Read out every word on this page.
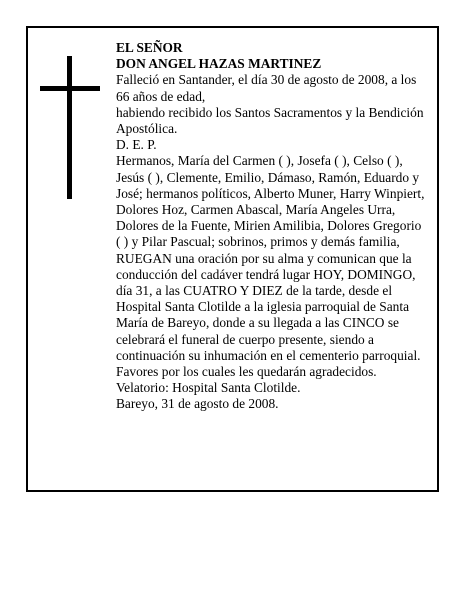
EL SEÑOR
DON ANGEL HAZAS MARTINEZ
Falleció en Santander, el día 30 de agosto de 2008, a los 66 años de edad,
habiendo recibido los Santos Sacramentos y la Bendición Apostólica.
D. E. P.
Hermanos, María del Carmen ( ), Josefa ( ), Celso ( ), Jesús ( ), Clemente, Emilio, Dámaso, Ramón, Eduardo y José; hermanos políticos, Alberto Muner, Harry Winpiert, Dolores Hoz, Carmen Abascal, María Angeles Urra, Dolores de la Fuente, Mirien Amilibia, Dolores Gregorio ( ) y Pilar Pascual; sobrinos, primos y demás familia,
RUEGAN una oración por su alma y comunican que la conducción del cadáver tendrá lugar HOY, DOMINGO, día 31, a las CUATRO Y DIEZ de la tarde, desde el Hospital Santa Clotilde a la iglesia parroquial de Santa María de Bareyo, donde a su llegada a las CINCO se celebrará el funeral de cuerpo presente, siendo a continuación su inhumación en el cementerio parroquial. Favores por los cuales les quedarán agradecidos. Velatorio: Hospital Santa Clotilde.
Bareyo, 31 de agosto de 2008.
